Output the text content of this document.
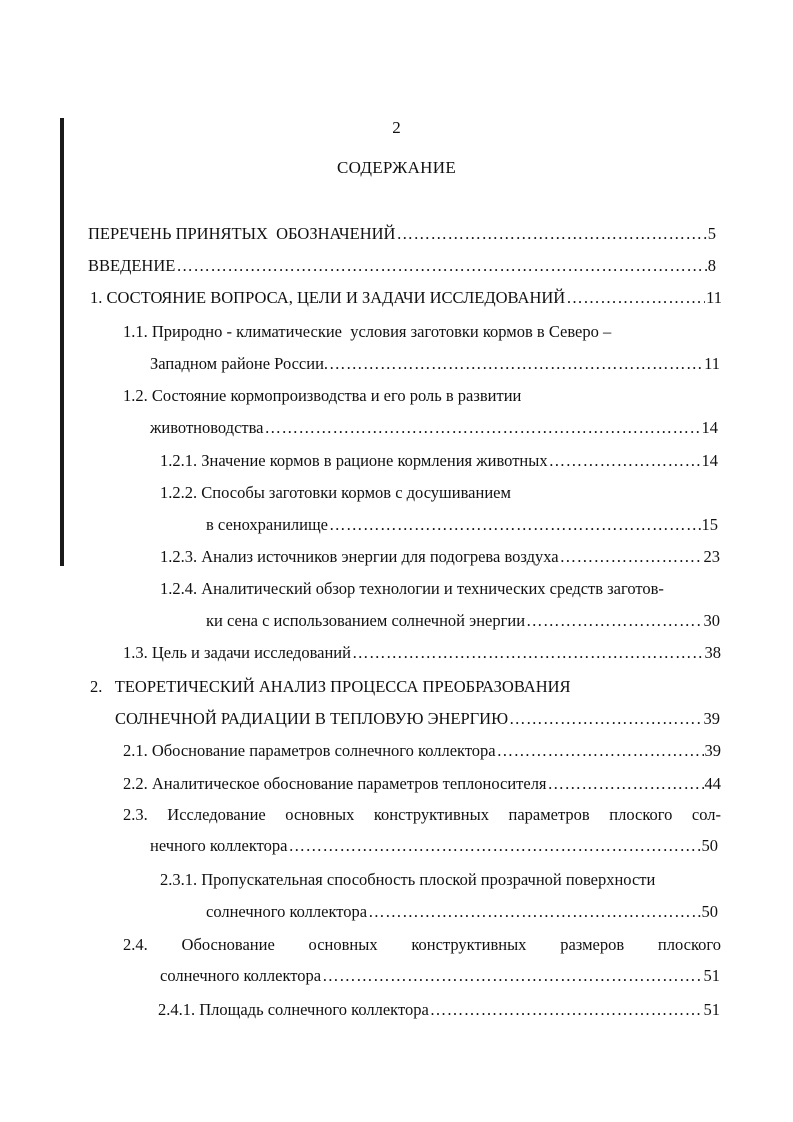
2
СОДЕРЖАНИЕ
ПЕРЕЧЕНЬ ПРИНЯТЫХ  ОБОЗНАЧЕНИЙ ………………………………………………………………………………………………………………………………………………………………………	5
ВВЕДЕНИЕ ………………………………………………………………………………………………………………………………………………………………………	8
1. СОСТОЯНИЕ ВОПРОСА, ЦЕЛИ И ЗАДАЧИ ИССЛЕДОВАНИЙ ………………………………………………………………………………………………………………………………………………………………………	11
1.1. Природно - климатические  условия заготовки кормов в Северо –
Западном районе России. ………………………………………………………………………………………………………………………………………………………………………	11
1.2. Состояние кормопроизводства и его роль в развитии
животноводства ………………………………………………………………………………………………………………………………………………………………………	14
1.2.1. Значение кормов в рационе кормления животных ………………………………………………………………………………………………………………………………………………………………………	14
1.2.2. Способы заготовки кормов с досушиванием
в сенохранилище ………………………………………………………………………………………………………………………………………………………………………	15
1.2.3. Анализ источников энергии для подогрева воздуха ………………………………………………………………………………………………………………………………………………………………………	23
1.2.4. Аналитический обзор технологии и технических средств заготов-
ки сена с использованием солнечной энергии ………………………………………………………………………………………………………………………………………………………………………	30
1.3. Цель и задачи исследований ………………………………………………………………………………………………………………………………………………………………………	38
2.   ТЕОРЕТИЧЕСКИЙ АНАЛИЗ ПРОЦЕССА ПРЕОБРАЗОВАНИЯ
СОЛНЕЧНОЙ РАДИАЦИИ В ТЕПЛОВУЮ ЭНЕРГИЮ ………………………………………………………………………………………………………………………………………………………………………	39
2.1. Обоснование параметров солнечного коллектора ………………………………………………………………………………………………………………………………………………………………………	39
2.2. Аналитическое обоснование параметров теплоносителя ………………………………………………………………………………………………………………………………………………………………………	44
2.3. Исследование основных конструктивных параметров плоского сол-
нечного коллектора ………………………………………………………………………………………………………………………………………………………………………	50
2.3.1. Пропускательная способность плоской прозрачной поверхности
солнечного коллектора ………………………………………………………………………………………………………………………………………………………………………	50
2.4. Обоснование основных конструктивных размеров плоского
солнечного коллектора ………………………………………………………………………………………………………………………………………………………………………	51
2.4.1. Площадь солнечного коллектора ………………………………………………………………………………………………………………………………………………………………………	51
